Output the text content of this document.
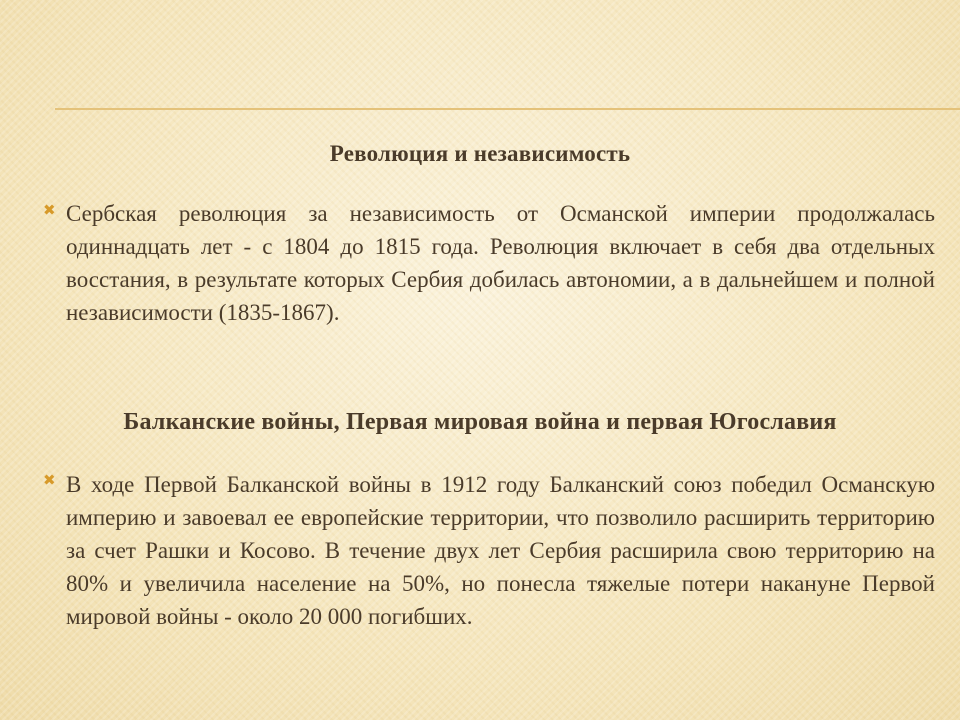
Революция и независимость
✖ Сербская революция за независимость от Османской империи продолжалась одиннадцать лет - с 1804 до 1815 года. Революция включает в себя два отдельных восстания, в результате которых Сербия добилась автономии, а в дальнейшем и полной независимости (1835-1867).

Балканские войны, Первая мировая война и первая Югославия
✖ В ходе Первой Балканской войны в 1912 году Балканский союз победил Османскую империю и завоевал ее европейские территории, что позволило расширить территорию за счет Рашки и Косово. В течение двух лет Сербия расширила свою территорию на 80% и увеличила население на 50%, но понесла тяжелые потери накануне Первой мировой войны - около 20 000 погибших.
